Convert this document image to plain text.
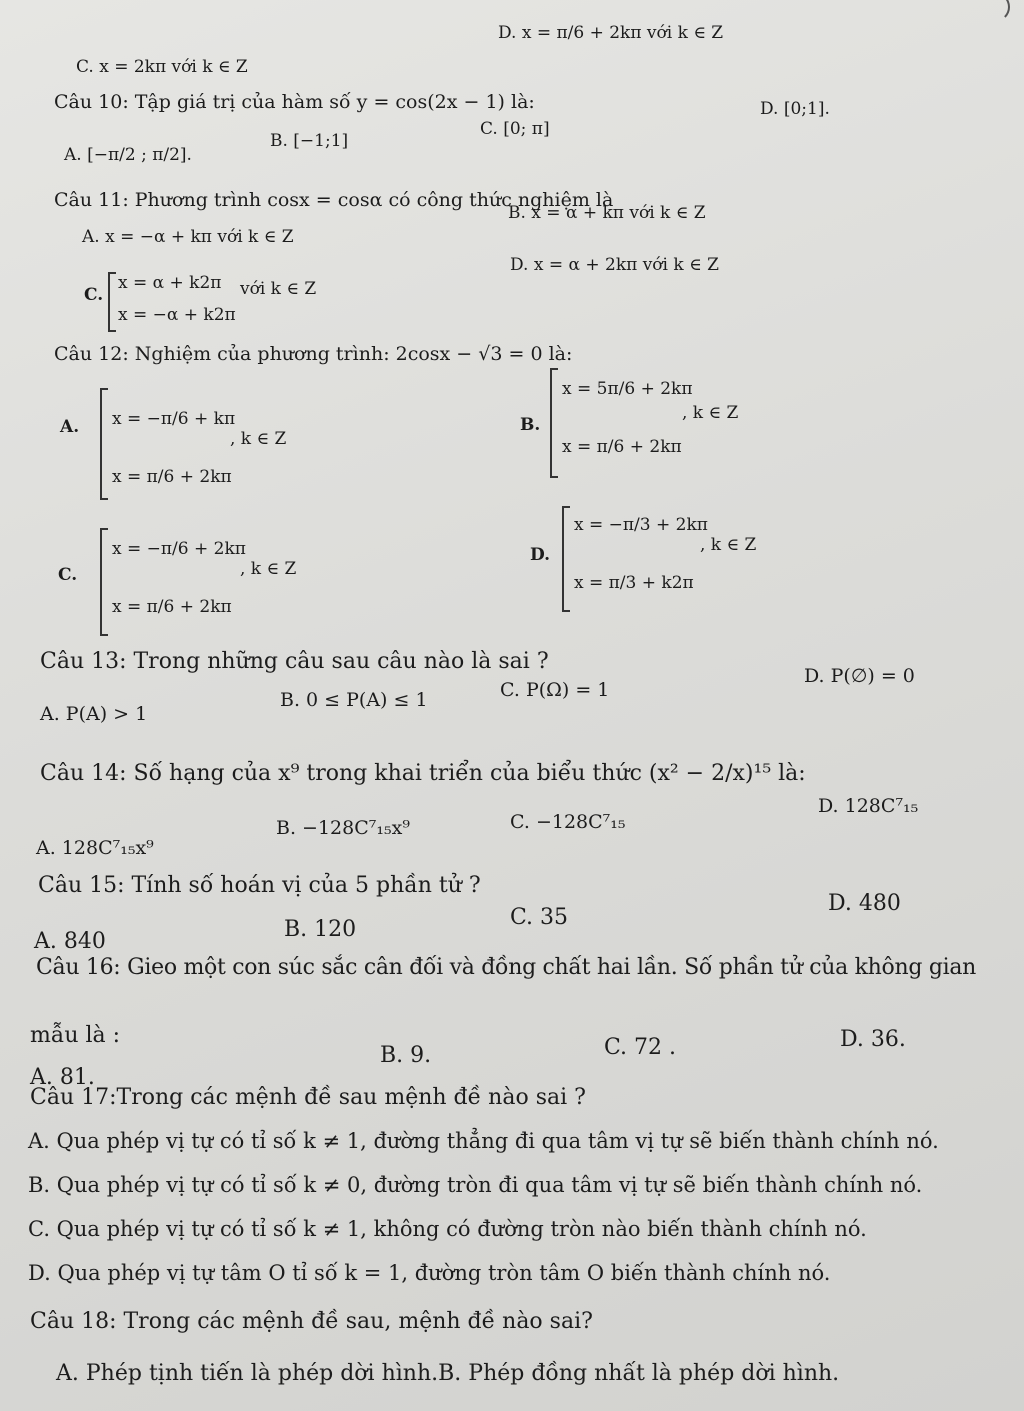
D. x = π/6 + 2kπ với k ∈ Z
C. x = 2kπ với k ∈ Z
Câu 10: Tập giá trị của hàm số y = cos(2x − 1) là:
A. [−π/2 ; π/2].
B. [−1;1]
C. [0; π]
D. [0;1].
Câu 11: Phương trình cosx = cosα có công thức nghiệm là
B. x = α + kπ với k ∈ Z
A. x = −α + kπ với k ∈ Z
D. x = α + 2kπ với k ∈ Z
C.
x = α + k2π
x = −α + k2π
với k ∈ Z
Câu 12: Nghiệm của phương trình: 2cosx − √3 = 0 là:
A. x = −π/6 + kπ
x = π/6 + 2kπ
, k ∈ Z
B.
x = 5π/6 + 2kπ
x = π/6 + 2kπ
, k ∈ Z
C.
x = −π/6 + 2kπ
x = π/6 + 2kπ
, k ∈ Z
D.
x = −π/3 + 2kπ
x = π/3 + k2π
, k ∈ Z
Câu 13: Trong những câu sau câu nào là sai ?
A. P(A) > 1
B. 0 ≤ P(A) ≤ 1	C. P(Ω) = 1
D. P(∅) = 0
Câu 14: Số hạng của x⁹ trong khai triển của biểu thức (x² − 2/x)¹⁵ là:
A. 128C⁷₁₅x⁹
B. −128C⁷₁₅x⁹	C. −128C⁷₁₅
D. 128C⁷₁₅
Câu 15: Tính số hoán vị của 5 phần tử ?
A. 840	B. 120	C. 35
D. 480
Câu 16: Gieo một con súc sắc cân đối và đồng chất hai lần. Số phần tử của không gian
mẫu là :
A. 81.
B. 9.	C. 72 .	D. 36.
Câu 17:Trong các mệnh đề sau mệnh đề nào sai ?
A. Qua phép vị tự có tỉ số k ≠ 1, đường thẳng đi qua tâm vị tự sẽ biến thành chính nó.
B. Qua phép vị tự có tỉ số k ≠ 0, đường tròn đi qua tâm vị tự sẽ biến thành chính nó.
C. Qua phép vị tự có tỉ số k ≠ 1, không có đường tròn nào biến thành chính nó.
D. Qua phép vị tự tâm O tỉ số k = 1, đường tròn tâm O biến thành chính nó.
Câu 18: Trong các mệnh đề sau, mệnh đề nào sai?
A. Phép tịnh tiến là phép dời hình.B. Phép đồng nhất là phép dời hình.
